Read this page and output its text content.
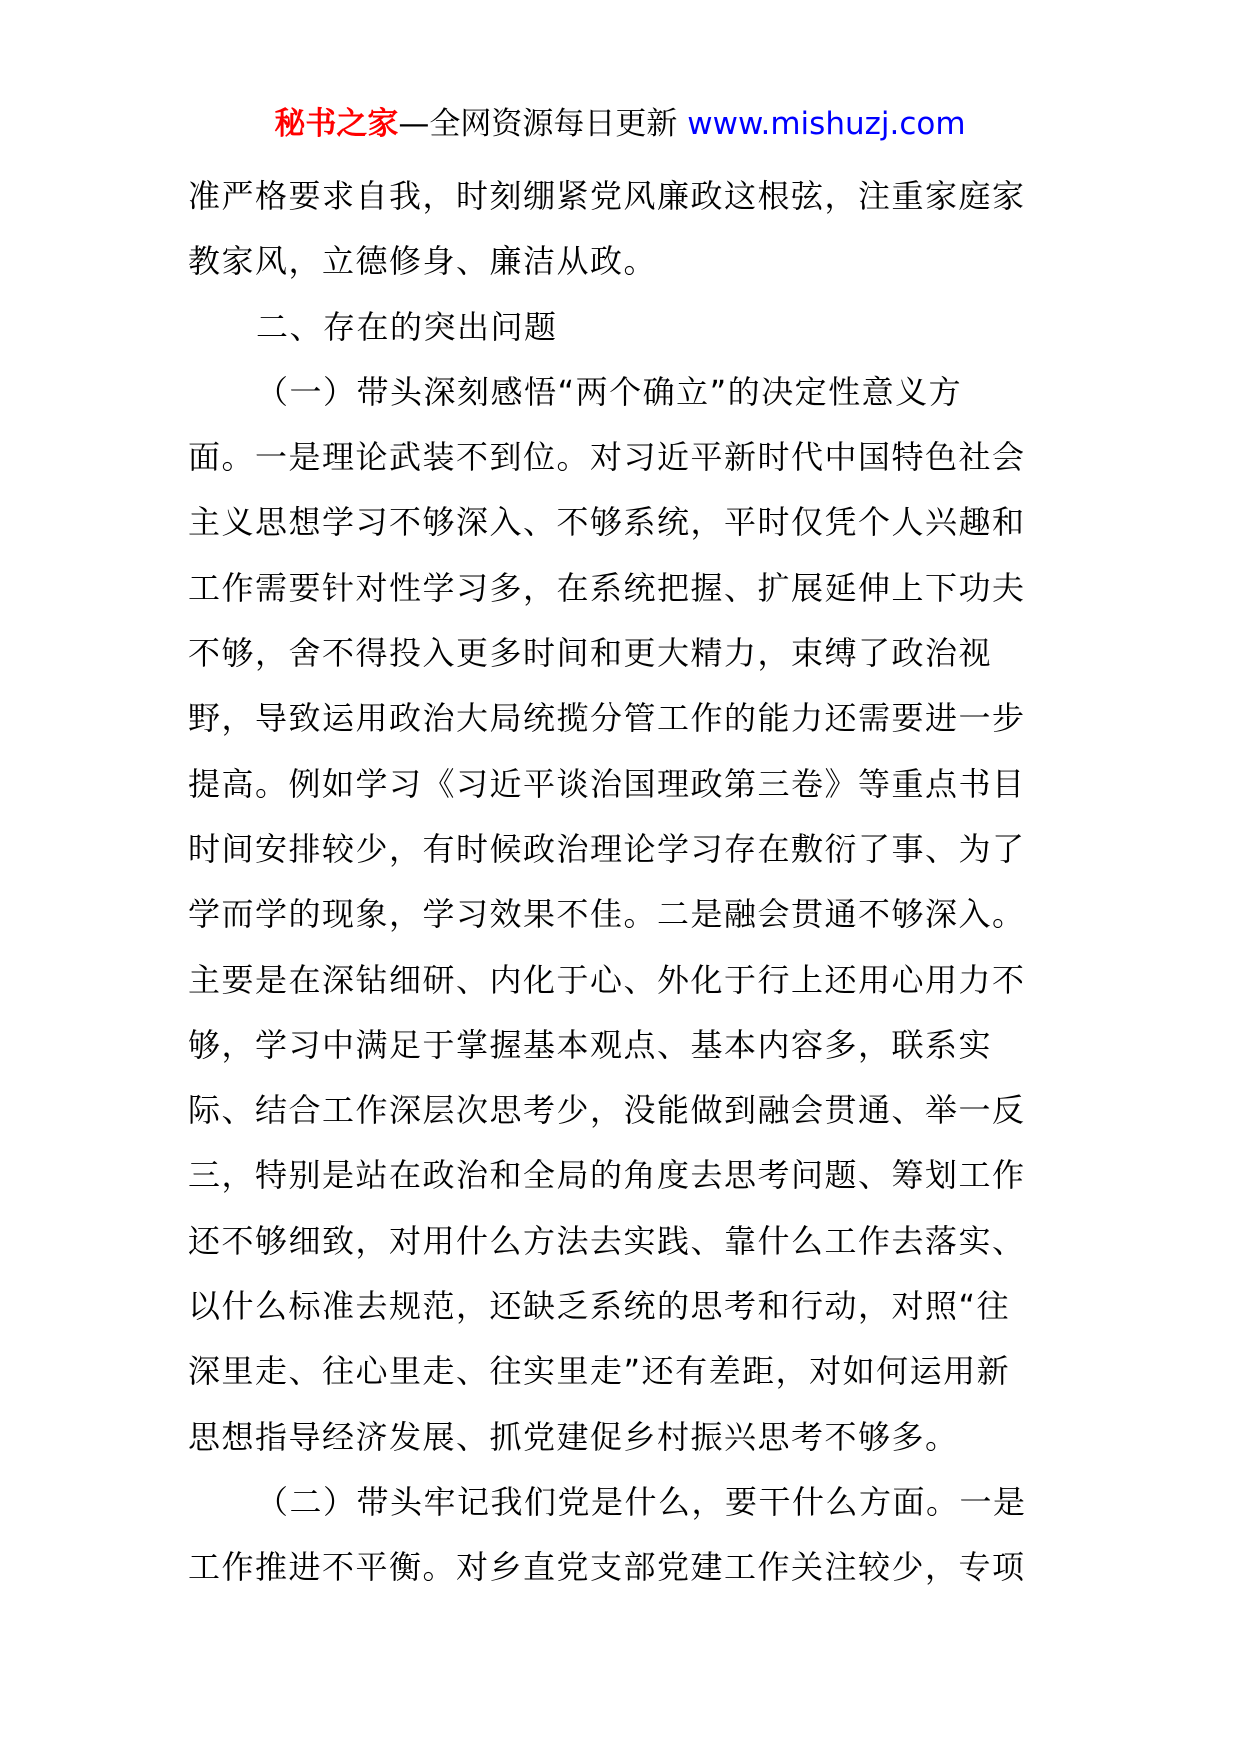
秘书之家—全网资源每日更新 www.mishuzj.com
准严格要求自我，时刻绷紧党风廉政这根弦，注重家庭家
教家风，立德修身、廉洁从政。
二、存在的突出问题
（一）带头深刻感悟“两个确立”的决定性意义方
面。一是理论武装不到位。对习近平新时代中国特色社会
主义思想学习不够深入、不够系统，平时仅凭个人兴趣和
工作需要针对性学习多，在系统把握、扩展延伸上下功夫
不够，舍不得投入更多时间和更大精力，束缚了政治视
野，导致运用政治大局统揽分管工作的能力还需要进一步
提高。例如学习《习近平谈治国理政第三卷》等重点书目
时间安排较少，有时候政治理论学习存在敷衍了事、为了
学而学的现象，学习效果不佳。二是融会贯通不够深入。
主要是在深钻细研、内化于心、外化于行上还用心用力不
够，学习中满足于掌握基本观点、基本内容多，联系实
际、结合工作深层次思考少，没能做到融会贯通、举一反
三，特别是站在政治和全局的角度去思考问题、筹划工作
还不够细致，对用什么方法去实践、靠什么工作去落实、
以什么标准去规范，还缺乏系统的思考和行动，对照“往
深里走、往心里走、往实里走”还有差距，对如何运用新
思想指导经济发展、抓党建促乡村振兴思考不够多。
（二）带头牢记我们党是什么，要干什么方面。一是
工作推进不平衡。对乡直党支部党建工作关注较少，专项
